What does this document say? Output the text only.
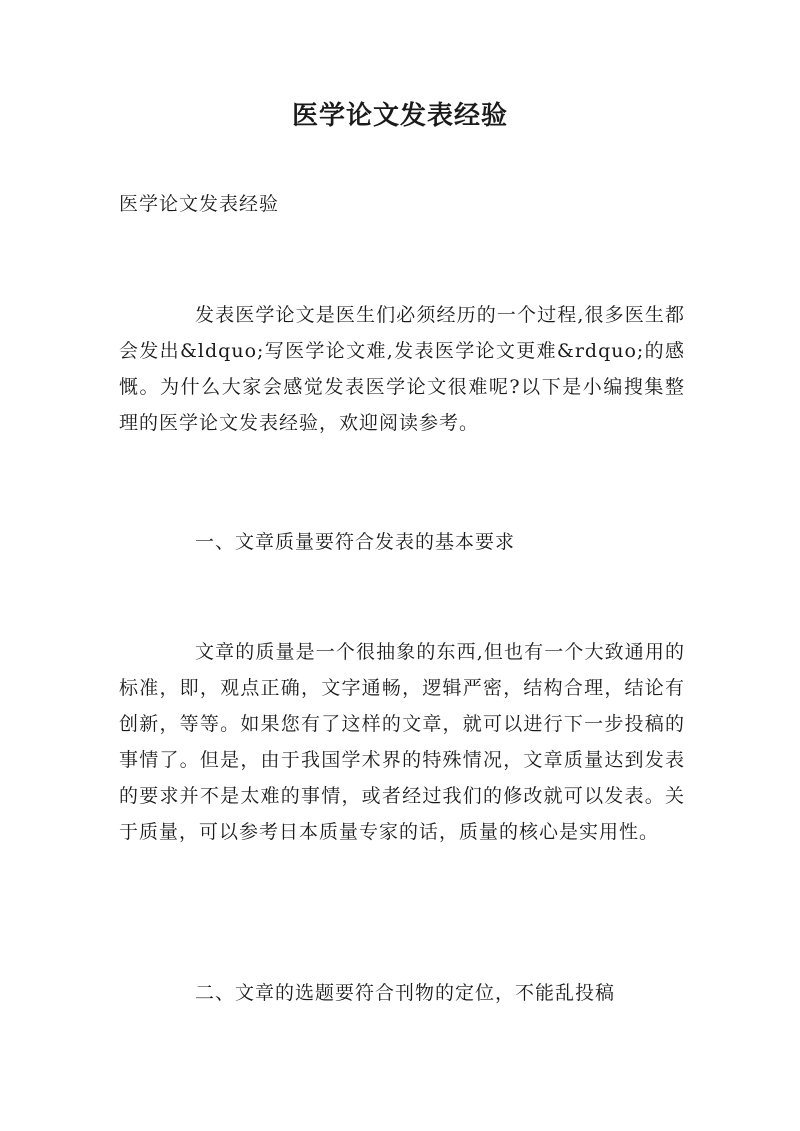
医学论文发表经验
医学论文发表经验

发表医学论文是医生们必须经历的一个过程,很多医生都会发出&ldquo;写医学论文难,发表医学论文更难&rdquo;的感慨。为什么大家会感觉发表医学论文很难呢?以下是小编搜集整理的医学论文发表经验，欢迎阅读参考。

一、文章质量要符合发表的基本要求

文章的质量是一个很抽象的东西,但也有一个大致通用的标准，即，观点正确，文字通畅，逻辑严密，结构合理，结论有创新，等等。如果您有了这样的文章，就可以进行下一步投稿的事情了。但是，由于我国学术界的特殊情况，文章质量达到发表的要求并不是太难的事情，或者经过我们的修改就可以发表。关于质量，可以参考日本质量专家的话，质量的核心是实用性。

二、文章的选题要符合刊物的定位，不能乱投稿
